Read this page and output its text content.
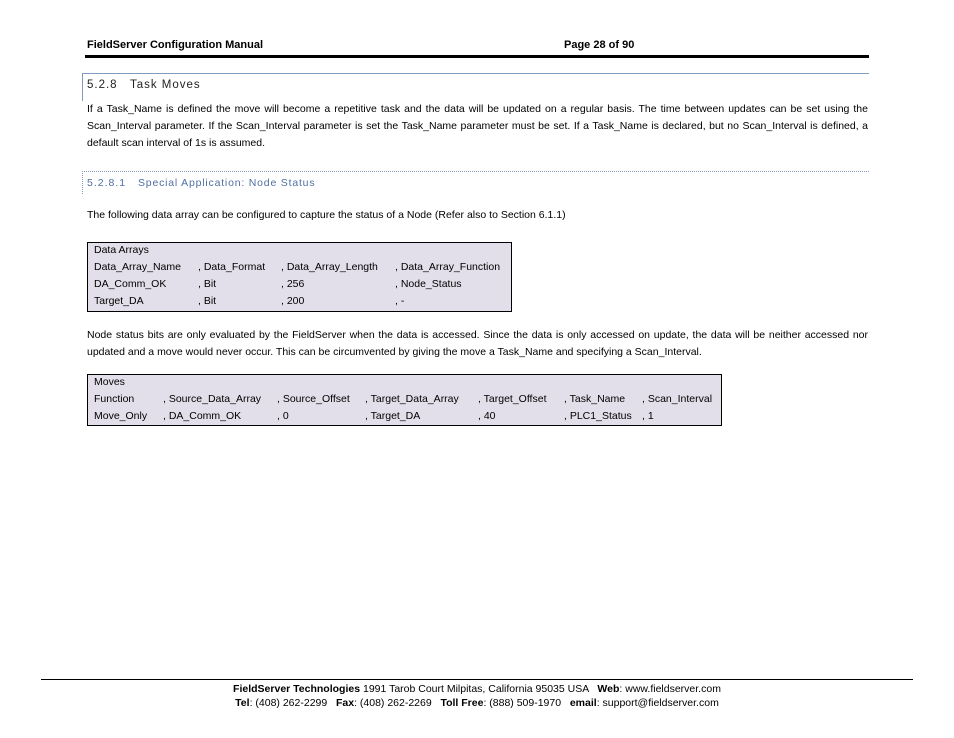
FieldServer Configuration Manual	Page 28 of 90
5.2.8   Task Moves
If a Task_Name is defined the move will become a repetitive task and the data will be updated on a regular basis. The time between updates can be set using the Scan_Interval parameter. If the Scan_Interval parameter is set the Task_Name parameter must be set. If a Task_Name is declared, but no Scan_Interval is defined, a default scan interval of 1s is assumed.
5.2.8.1 Special Application: Node Status
The following data array can be configured to capture the status of a Node (Refer also to Section 6.1.1)
Data Arrays
Data_Array_Name , Data_Format , Data_Array_Length , Data_Array_Function
DA_Comm_OK	, Bit	, 256	, Node_Status
Target_DA	, Bit	, 200	, -
Node status bits are only evaluated by the FieldServer when the data is accessed. Since the data is only accessed on update, the data will be neither accessed nor updated and a move would never occur. This can be circumvented by giving the move a Task_Name and specifying a Scan_Interval.
Moves
Function	, Source_Data_Array , Source_Offset , Target_Data_Array , Target_Offset , Task_Name , Scan_Interval
Move_Only , DA_Comm_OK	, 0	, Target_DA	, 40	, PLC1_Status , 1
FieldServer Technologies 1991 Tarob Court Milpitas, California 95035 USA   Web: www.fieldserver.com
Tel: (408) 262-2299   Fax: (408) 262-2269   Toll Free: (888) 509-1970   email: support@fieldserver.com
